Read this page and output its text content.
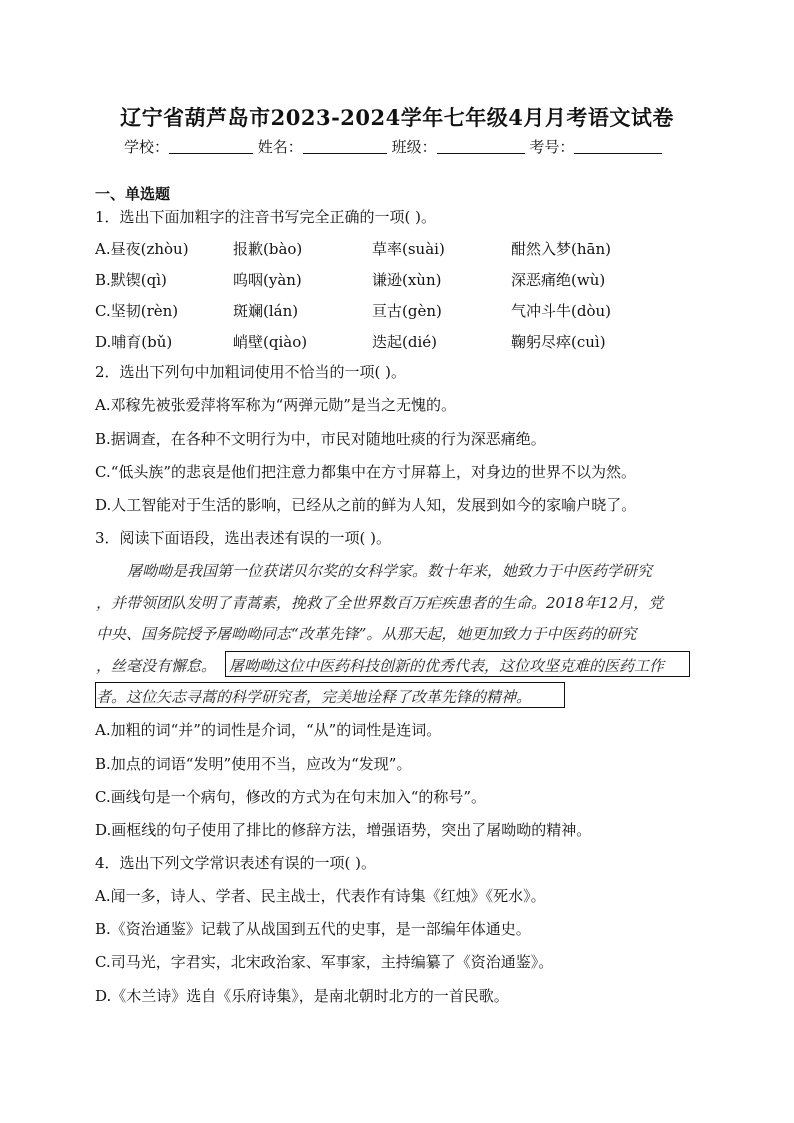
辽宁省葫芦岛市2023-2024学年七年级4月月考语文试卷
学校：	姓名：	班级：	考号：
一、单选题
1．选出下面加粗字的注音书写完全正确的一项( )。
A.昼夜(zhòu)	报歉(bào)	草率(suài)	酣然入梦(hān)
B.默锲(qì)	呜咽(yàn)	谦逊(xùn)	深恶痛绝(wù)
C.坚韧(rèn)	斑斓(lán)	亘古(gèn)	气冲斗牛(dòu)
D.哺育(bǔ)	峭壁(qiào)	迭起(dié)	鞠躬尽瘁(cuì)
2．选出下列句中加粗词使用不恰当的一项( )。
A.邓稼先被张爱萍将军称为“两弹元勋”是当之无愧的。
B.据调查，在各种不文明行为中，市民对随地吐痰的行为深恶痛绝。
C.“低头族”的悲哀是他们把注意力都集中在方寸屏幕上，对身边的世界不以为然。
D.人工智能对于生活的影响，已经从之前的鲜为人知，发展到如今的家喻户晓了。
3．阅读下面语段，选出表述有误的一项( )。
屠呦呦是我国第一位获诺贝尔奖的女科学家。数十年来，她致力于中医药学研究
，并带领团队发明了青蒿素，挽救了全世界数百万疟疾患者的生命。2018年12月，党
中央、国务院授予屠呦呦同志“改革先锋”。从那天起，她更加致力于中医药的研究
，丝毫没有懈怠。 屠呦呦这位中医药科技创新的优秀代表，这位攻坚克难的医药工作
者。这位矢志寻蒿的科学研究者，完美地诠释了改革先锋的精神。
A.加粗的词“并”的词性是介词，“从”的词性是连词。
B.加点的词语“发明”使用不当，应改为“发现”。
C.画线句是一个病句，修改的方式为在句末加入“的称号”。
D.画框线的句子使用了排比的修辞方法，增强语势，突出了屠呦呦的精神。
4．选出下列文学常识表述有误的一项( )。
A.闻一多，诗人、学者、民主战士，代表作有诗集《红烛》《死水》。
B.《资治通鉴》记载了从战国到五代的史事，是一部编年体通史。
C.司马光，字君实，北宋政治家、军事家，主持编纂了《资治通鉴》。
D.《木兰诗》选自《乐府诗集》，是南北朝时北方的一首民歌。
